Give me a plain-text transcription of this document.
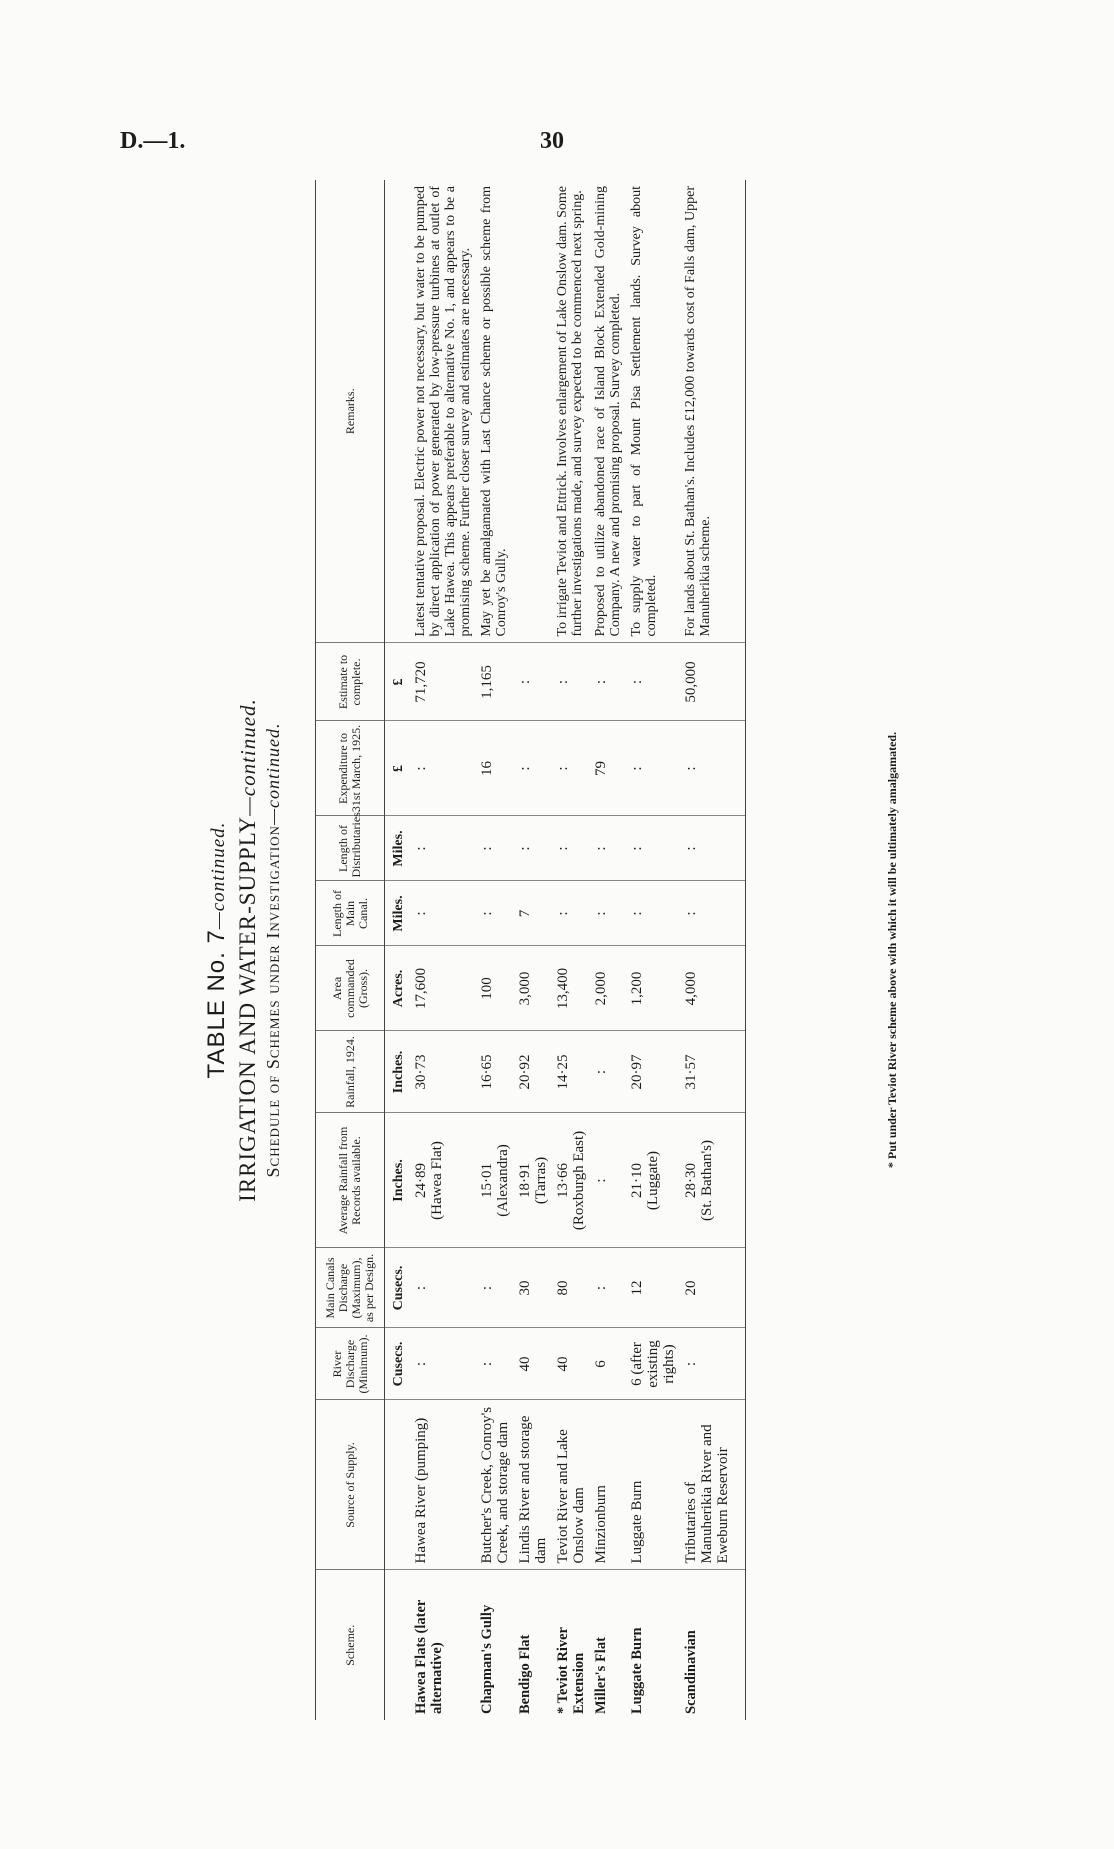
D.—1.	30
TABLE No. 7—continued. IRRIGATION AND WATER-SUPPLY—continued.
Schedule of Schemes under Investigation—continued.
Scheme.	Source of Supply.	River Discharge (Minimum).	Main Canals Discharge (Maximum), as per Design.	Average Rainfall from Records available.	Rainfall, 1924.	Area commanded (Gross).	Length of Main Canal.	Length of Distributaries.	Expenditure to 31st March, 1925.	Estimate to complete.	Remarks.
		Cusecs.	Cusecs.	Inches.	Inches.	Acres.	Miles.	Miles.	£	£	
Hawea Flats (later alternative)	Hawea River (pumping)	:	:	24·89 (Hawea Flat)	30·73	17,600	:	:	:	71,720	Latest tentative proposal. Electric power not necessary, but water to be pumped by direct application of power generated by low-pressure turbines at outlet of Lake Hawea. This appears preferable to alternative No. 1, and appears to be a promising scheme. Further closer survey and estimates are necessary.
Chapman's Gully	Butcher's Creek, Conroy's Creek, and storage dam	:	:	15·01 (Alexandra)	16·65	100	:	:	16	1,165	May yet be amalgamated with Last Chance scheme or possible scheme from Conroy's Gully.
Bendigo Flat	Lindis River and storage dam	40	30	18·91 (Tarras)	20·92	3,000	7	:	:	:	
* Teviot River Extension	Teviot River and Lake Onslow dam	40	80	13·66 (Roxburgh East)	14·25	13,400	:	:	:	:	To irrigate Teviot and Ettrick. Involves enlargement of Lake Onslow dam. Some further investigations made, and survey expected to be commenced next spring.
Miller's Flat	Minzionburn	6	:	:	:	2,000	:	:	79	:	Proposed to utilize abandoned race of Island Block Extended Gold-mining Company. A new and promising proposal. Survey completed.
Luggate Burn	Luggate Burn	6 (after existing rights)	12	21·10 (Luggate)	20·97	1,200	:	:	:	:	To supply water to part of Mount Pisa Settlement lands. Survey about completed.
Scandinavian	Tributaries of Manuherikia River and Eweburn Reservoir	:	20	28·30 (St. Bathan's)	31·57	4,000	:	:	:	50,000	For lands about St. Bathan's. Includes £12,000 towards cost of Falls dam, Upper Manuherikia scheme.
* Put under Teviot River scheme above with which it will be ultimately amalgamated.
